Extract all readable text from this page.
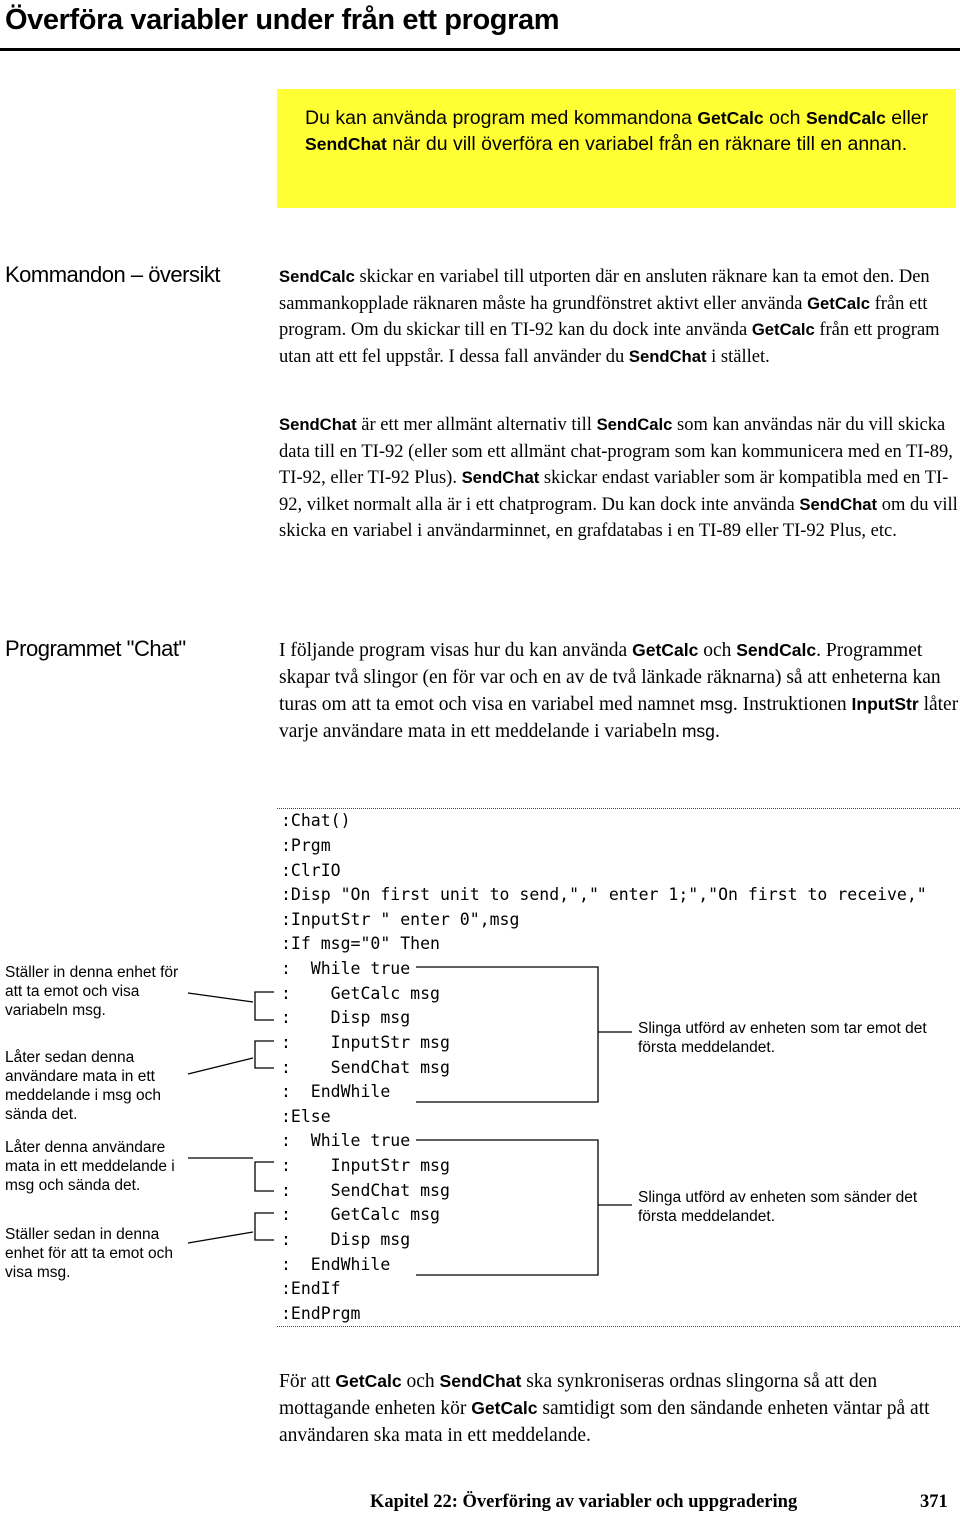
Överföra variabler under från ett program
Du kan använda program med kommandona GetCalc och SendCalc eller SendChat när du vill överföra en variabel från en räknare till en annan.
Kommandon – översikt	SendCalc skickar en variabel till utporten där en ansluten räknare kan ta emot den. Den sammankopplade räknaren måste ha grundfönstret aktivt eller använda GetCalc från ett program. Om du skickar till en TI-92 kan du dock inte använda GetCalc från ett program utan att ett fel uppstår. I dessa fall använder du SendChat i stället.

SendChat är ett mer allmänt alternativ till SendCalc som kan användas när du vill skicka data till en TI-92 (eller som ett allmänt chat-program som kan kommunicera med en TI-89, TI-92, eller TI-92 Plus). SendChat skickar endast variabler som är kompatibla med en TI-92, vilket normalt alla är i ett chatprogram. Du kan dock inte använda SendChat om du vill skicka en variabel i användarminnet, en grafdatabas i en TI-89 eller TI-92 Plus, etc.

Programmet "Chat"	I följande program visas hur du kan använda GetCalc och SendCalc. Programmet skapar två slingor (en för var och en av de två länkade räknarna) så att enheterna kan turas om att ta emot och visa en variabel med namnet msg. Instruktionen InputStr låter varje användare mata in ett meddelande i variabeln msg.

:Chat()
:Prgm
:ClrIO
:Disp "On first unit to send,"," enter 1;","On first to receive,"
:InputStr " enter 0",msg
:If msg="0" Then
:  While true
:    GetCalc msg
:    Disp msg
:    InputStr msg
:    SendChat msg
:  EndWhile
:Else
:  While true
:    InputStr msg
:    SendChat msg
:    GetCalc msg
:    Disp msg
:  EndWhile
:EndIf
:EndPrgm
Ställer in denna enhet för att ta emot och visa variabeln msg.
Låter sedan denna användare mata in ett meddelande i msg och sända det.
Låter denna användare mata in ett meddelande i msg och sända det.
Ställer sedan in denna enhet för att ta emot och visa msg.
Slinga utförd av enheten som tar emot det första meddelandet.
Slinga utförd av enheten som sänder det första meddelandet.

För att GetCalc och SendChat ska synkroniseras ordnas slingorna så att den mottagande enheten kör GetCalc samtidigt som den sändande enheten väntar på att användaren ska mata in ett meddelande.

Kapitel 22: Överföring av variabler och uppgradering	371
